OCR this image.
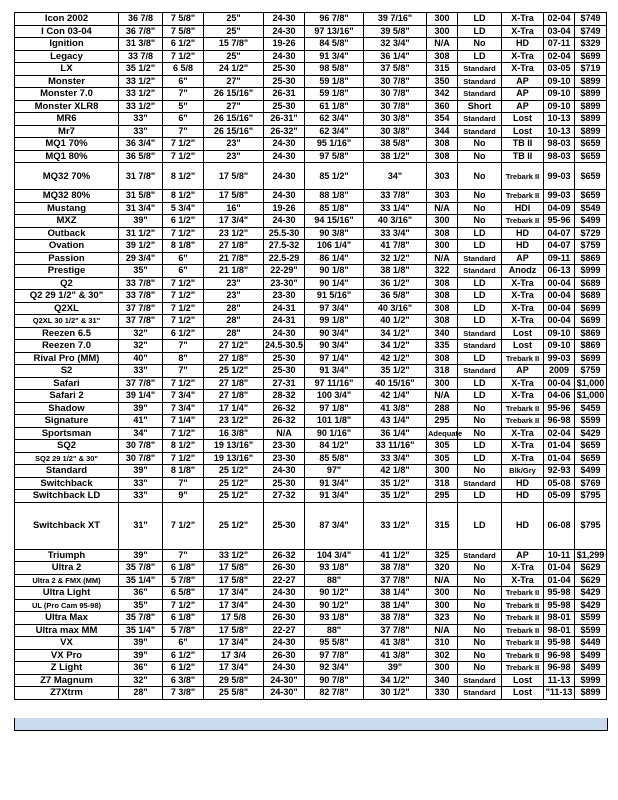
Icon 2002	36 7/8	7 5/8"	25"	24-30	96 7/8"	39 7/16"	300	LD	X-Tra	02-04	$749
I Con 03-04	36 7/8"	7 5/8"	25"	24-30	97 13/16"	39 5/8"	300	LD	X-Tra	03-04	$749
Ignition	31 3/8"	6 1/2"	15 7/8"	19-26	84 5/8"	32 3/4"	N/A	No	HD	07-11	$329
Legacy	33 7/8	7 1/2"	25"	24-30	91 3/4"	36 1/4"	308	LD	X-Tra	02-04	$699
LX	35 1/2"	6 5/8	24 1/2"	25-30	98 5/8"	37 5/8"	315	Standard	X-Tra	03-05	$719
Monster	33 1/2"	6"	27"	25-30	59 1/8"	30 7/8"	350	Standard	AP	09-10	$899
Monster 7.0	33 1/2"	7"	26 15/16"	26-31	59 1/8"	30 7/8"	342	Standard	AP	09-10	$899
Monster XLR8	33 1/2"	5"	27"	25-30	61 1/8"	30 7/8"	360	Short	AP	09-10	$899
MR6	33"	6"	26 15/16"	26-31"	62 3/4"	30 3/8"	354	Standard	Lost	10-13	$899
Mr7	33"	7"	26 15/16"	26-32"	62 3/4"	30 3/8"	344	Standard	Lost	10-13	$899
MQ1 70%	36 3/4"	7 1/2"	23"	24-30	95 1/16"	38 5/8"	308	No	TB II	98-03	$659
MQ1 80%	36 5/8"	7 1/2"	23"	24-30	97 5/8"	38 1/2"	308	No	TB II	98-03	$659
MQ32 70%	31 7/8"	8 1/2"	17 5/8"	24-30	85 1/2"	34"	303	No	Trebark II	99-03	$659
MQ32 80%	31 5/8"	8 1/2"	17 5/8"	24-30	88 1/8"	33 7/8"	303	No	Trebark II	99-03	$659
Mustang	31 3/4"	5 3/4"	16"	19-26	85 1/8"	33 1/4"	N/A	No	HDI	04-09	$549
MXZ	39"	6 1/2"	17 3/4"	24-30	94 15/16"	40 3/16"	300	No	Trebark II	95-96	$499
Outback	31 1/2"	7 1/2"	23 1/2"	25.5-30	90 3/8"	33 3/4"	308	LD	HD	04-07	$729
Ovation	39 1/2"	8 1/8"	27 1/8"	27.5-32	106 1/4"	41 7/8"	300	LD	HD	04-07	$759
Passion	29 3/4"	6"	21 7/8"	22.5-29	86 1/4"	32 1/2"	N/A	Standard	AP	09-11	$869
Prestige	35"	6"	21 1/8"	22-29"	90 1/8"	38 1/8"	322	Standard	Anodz	06-13	$999
Q2	33 7/8"	7 1/2"	23"	23-30"	90 1/4"	36 1/2"	308	LD	X-Tra	00-04	$689
Q2 29 1/2" & 30"	33 7/8"	7 1/2"	23"	23-30	91 5/16"	36 5/8"	308	LD	X-Tra	00-04	$689
Q2XL	37 7/8"	7 1/2"	28"	24-31	97 3/4"	40 3/16"	308	LD	X-Tra	00-04	$699
Q2XL 30 1/2" & 31"	37 7/8"	7 1/2"	28"	24-31	99 1/8"	40 1/2"	308	LD	X-Tra	00-04	$699
Reezen 6.5	32"	6 1/2"	28"	24-30	90 3/4"	34 1/2"	340	Standard	Lost	09-10	$869
Reezen 7.0	32"	7"	27 1/2"	24.5-30.5	90 3/4"	34 1/2"	335	Standard	Lost	09-10	$869
Rival Pro (MM)	40"	8"	27 1/8"	25-30	97 1/4"	42 1/2"	308	LD	Trebark II	99-03	$699
S2	33"	7"	25 1/2"	25-30	91 3/4"	35 1/2"	318	Standard	AP	2009	$759
Safari	37 7/8"	7 1/2"	27 1/8"	27-31	97 11/16"	40 15/16"	300	LD	X-Tra	00-04	$1,000
Safari 2	39 1/4"	7 3/4"	27 1/8"	28-32	100 3/4"	42 1/4"	N/A	LD	X-Tra	04-06	$1,000
Shadow	39"	7 3/4"	17 1/4"	26-32	97 1/8"	41 3/8"	288	No	Trebark II	95-96	$459
Signature	41"	7 1/4"	23 1/2"	26-32	101 1/8"	43 1/4"	295	No	Trebark II	96-98	$599
Sportsman	34"	7 1/2"	16 3/8"	N/A	90 1/16"	36 1/4"	Adequate	No	X-Tra	02-04	$429
SQ2	30 7/8"	8 1/2"	19 13/16"	23-30	84 1/2"	33 11/16"	305	LD	X-Tra	01-04	$659
SQ2 29 1/2" & 30"	30 7/8"	7 1/2"	19 13/16"	23-30	85 5/8"	33 3/4"	305	LD	X-Tra	01-04	$659
Standard	39"	8 1/8"	25 1/2"	24-30	97"	42 1/8"	300	No	Blk/Gry	92-93	$499
Switchback	33"	7"	25 1/2"	25-30	91 3/4"	35 1/2"	318	Standard	HD	05-08	$769
Switchback LD	33"	9"	25 1/2"	27-32	91 3/4"	35 1/2"	295	LD	HD	05-09	$795
Switchback XT	31"	7 1/2"	25 1/2"	25-30	87 3/4"	33 1/2"	315	LD	HD	06-08	$795
Triumph	39"	7"	33 1/2"	26-32	104 3/4"	41 1/2"	325	Standard	AP	10-11	$1,299
Ultra 2	35 7/8"	6 1/8"	17 5/8"	26-30	93 1/8"	38 7/8"	320	No	X-Tra	01-04	$629
Ultra 2 & FMX (MM)	35 1/4"	5 7/8"	17 5/8"	22-27	88"	37 7/8"	N/A	No	X-Tra	01-04	$629
Ultra Light	36"	6 5/8"	17 3/4"	24-30	90 1/2"	38 1/4"	300	No	Trebark II	95-98	$429
UL (Pro Cam 95-98)	35"	7 1/2"	17 3/4"	24-30	90 1/2"	38 1/4"	300	No	Trebark II	95-98	$429
Ultra Max	35 7/8"	6 1/8"	17 5/8	26-30	93 1/8"	38 7/8"	323	No	Trebark II	98-01	$599
Ultra max MM	35 1/4"	5 7/8"	17 5/8"	22-27	88"	37 7/8"	N/A	No	Trebark II	98-01	$599
VX	39"	6"	17 3/4"	24-30	95 5/8"	41 3/8"	310	No	Trebark II	95-98	$449
VX Pro	39"	6 1/2"	17 3/4	26-30	97 7/8"	41 3/8"	302	No	Trebark II	96-98	$499
Z Light	36"	6 1/2"	17 3/4"	24-30	92 3/4"	39"	300	No	Trebark II	96-98	$499
Z7 Magnum	32"	6 3/8"	29 5/8"	24-30"	90 7/8"	34 1/2"	340	Standard	Lost	11-13	$999
Z7Xtrm	28"	7 3/8"	25 5/8"	24-30"	82 7/8"	30 1/2"	330	Standard	Lost	"11-13	$899
